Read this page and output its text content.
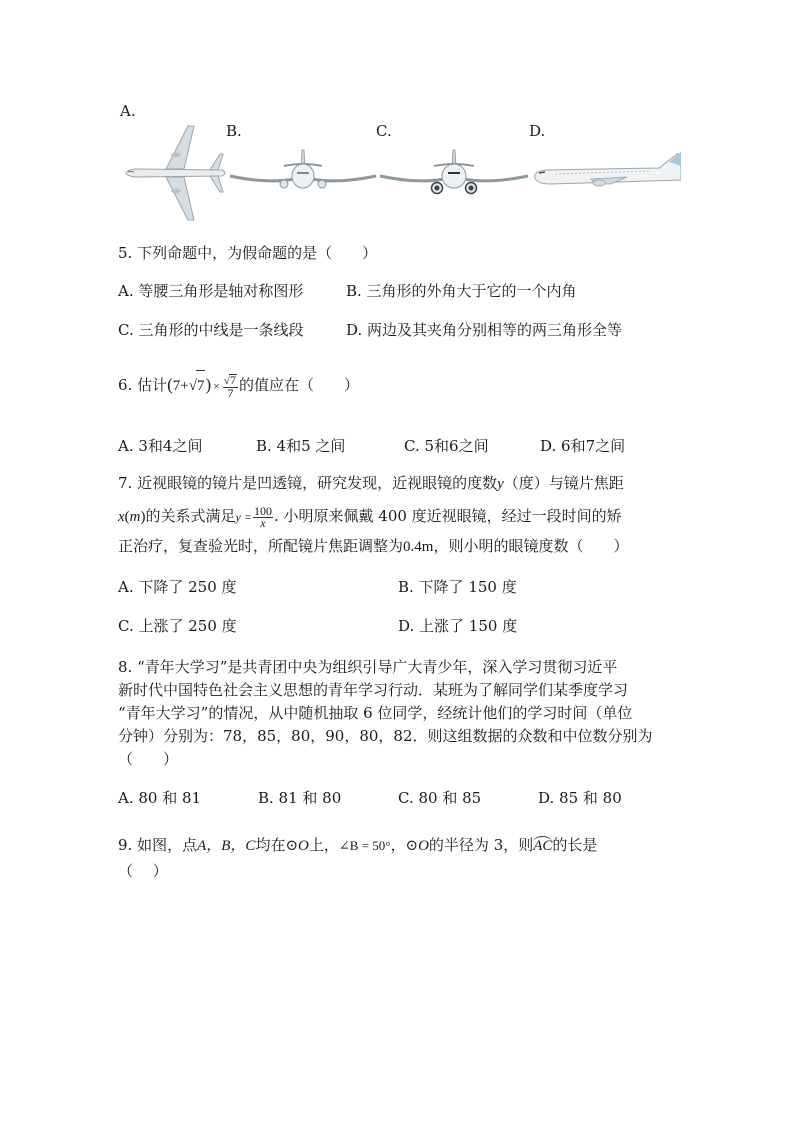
A.
B.	C.	D.
5. 下列命题中，为假命题的是（　　）
A. 等腰三角形是轴对称图形	B. 三角形的外角大于它的一个内角
C. 三角形的中线是一条线段	D. 两边及其夹角分别相等的两三角形全等
6. 估计$(7+√7) \times \frac{√7}{7}$ 的值应在（　　）
A. 3和4之间	B. 4和5 之间	C. 5和6之间	D. 6和7之间
7. 近视眼镜的镜片是凹透镜，研究发现，近视眼镜的度数y（度）与镜片焦距
x(m)的关系式满足$y = \frac{100}{x}$ . 小明原来佩戴 400 度近视眼镜，经过一段时间的矫
正治疗，复查验光时，所配镜片焦距调整为0.4m，则小明的眼镜度数（　　）
A. 下降了 250 度	B. 下降了 150 度
C. 上涨了 250 度	D. 上涨了 150 度
8. “青年大学习”是共青团中央为组织引导广大青少年，深入学习贯彻习近平
新时代中国特色社会主义思想的青年学习行动．某班为了解同学们某季度学习
“青年大学习”的情况，从中随机抽取 6 位同学，经统计他们的学习时间（单位
分钟）分别为：78，85，80，90，80，82．则这组数据的众数和中位数分别为
（　　）
A. 80 和 81	B. 81 和 80	C. 80 和 85	D. 85 和 80
9. 如图，点A，B，C均在⊙O上，∠B = 50°，⊙O的半径为 3，则AC的长是
（　 ）
